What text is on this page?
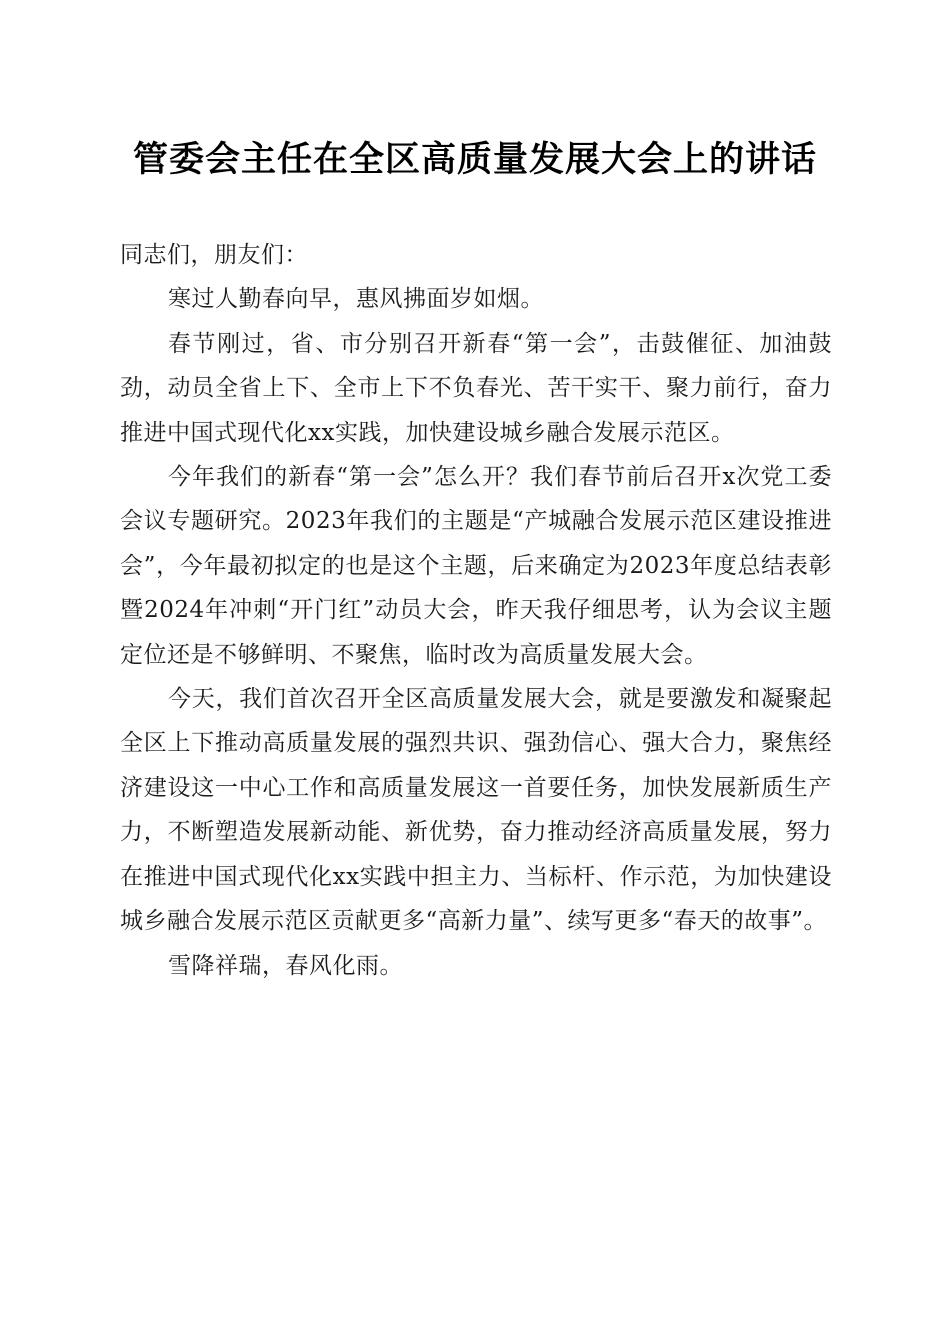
管委会主任在全区高质量发展大会上的讲话

同志们，朋友们：

寒过人勤春向早，惠风拂面岁如烟。

春节刚过，省、市分别召开新春“第一会”，击鼓催征、加油鼓劲，动员全省上下、全市上下不负春光、苦干实干、聚力前行，奋力推进中国式现代化xx实践，加快建设城乡融合发展示范区。

今年我们的新春“第一会”怎么开？我们春节前后召开x次党工委会议专题研究。2023年我们的主题是“产城融合发展示范区建设推进会”，今年最初拟定的也是这个主题，后来确定为2023年度总结表彰暨2024年冲刺“开门红”动员大会，昨天我仔细思考，认为会议主题定位还是不够鲜明、不聚焦，临时改为高质量发展大会。

今天，我们首次召开全区高质量发展大会，就是要激发和凝聚起全区上下推动高质量发展的强烈共识、强劲信心、强大合力，聚焦经济建设这一中心工作和高质量发展这一首要任务，加快发展新质生产力，不断塑造发展新动能、新优势，奋力推动经济高质量发展，努力在推进中国式现代化xx实践中担主力、当标杆、作示范，为加快建设城乡融合发展示范区贡献更多“高新力量”、续写更多“春天的故事”。

雪降祥瑞，春风化雨。
